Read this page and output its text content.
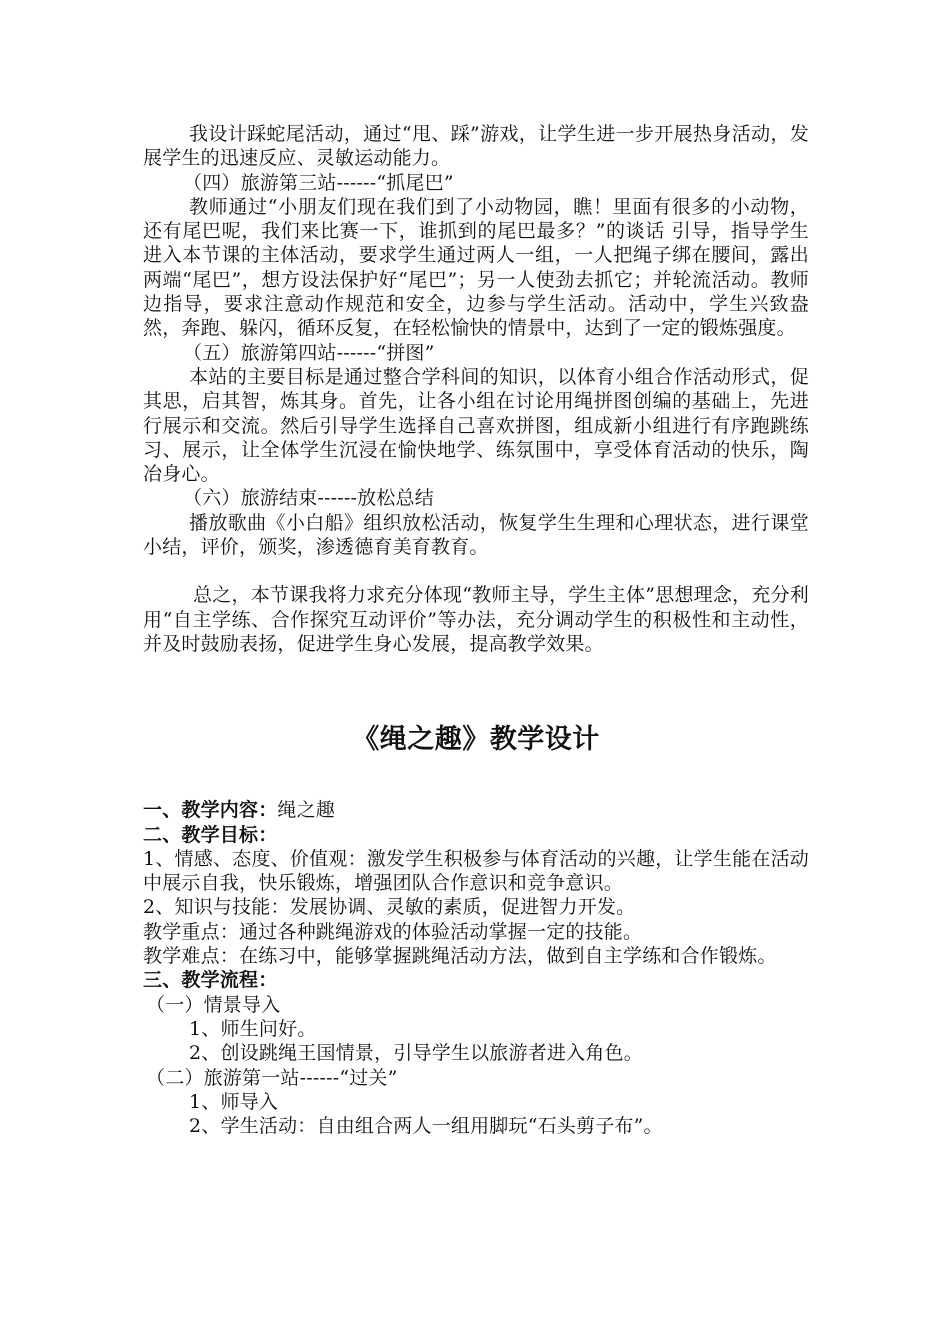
我设计踩蛇尾活动，通过“甩、踩”游戏，让学生进一步开展热身活动，发展学生的迅速反应、灵敏运动能力。

（四）旅游第三站------“抓尾巴”

教师通过“小朋友们现在我们到了小动物园，瞧！里面有很多的小动物，还有尾巴呢，我们来比赛一下，谁抓到的尾巴最多？”的谈话 引导，指导学生进入本节课的主体活动，要求学生通过两人一组，一人把绳子绑在腰间，露出两端“尾巴”，想方设法保护好“尾巴”；另一人使劲去抓它；并轮流活动。教师边指导，要求注意动作规范和安全，边参与学生活动。活动中，学生兴致盎然，奔跑、躲闪，循环反复，在轻松愉快的情景中，达到了一定的锻炼强度。

（五）旅游第四站------“拼图”

本站的主要目标是通过整合学科间的知识，以体育小组合作活动形式，促其思，启其智，炼其身。首先，让各小组在讨论用绳拼图创编的基础上，先进行展示和交流。然后引导学生选择自己喜欢拼图，组成新小组进行有序跑跳练习、展示，让全体学生沉浸在愉快地学、练氛围中，享受体育活动的快乐，陶冶身心。

（六）旅游结束------放松总结

播放歌曲《小白船》组织放松活动，恢复学生生理和心理状态，进行课堂小结，评价，颁奖，渗透德育美育教育。

总之，本节课我将力求充分体现“教师主导，学生主体”思想理念，充分利用“自主学练、合作探究互动评价”等办法，充分调动学生的积极性和主动性，并及时鼓励表扬，促进学生身心发展，提高教学效果。

《绳之趣》教学设计

一、教学内容：绳之趣

二、教学目标：

1、情感、态度、价值观：激发学生积极参与体育活动的兴趣，让学生能在活动中展示自我，快乐锻炼，增强团队合作意识和竞争意识。

2、知识与技能：发展协调、灵敏的素质，促进智力开发。

教学重点：通过各种跳绳游戏的体验活动掌握一定的技能。

教学难点：在练习中，能够掌握跳绳活动方法，做到自主学练和合作锻炼。

三、教学流程：

（一）情景导入

1、师生问好。

2、创设跳绳王国情景，引导学生以旅游者进入角色。

（二）旅游第一站------“过关”

1、师导入

2、学生活动：自由组合两人一组用脚玩“石头剪子布”。
